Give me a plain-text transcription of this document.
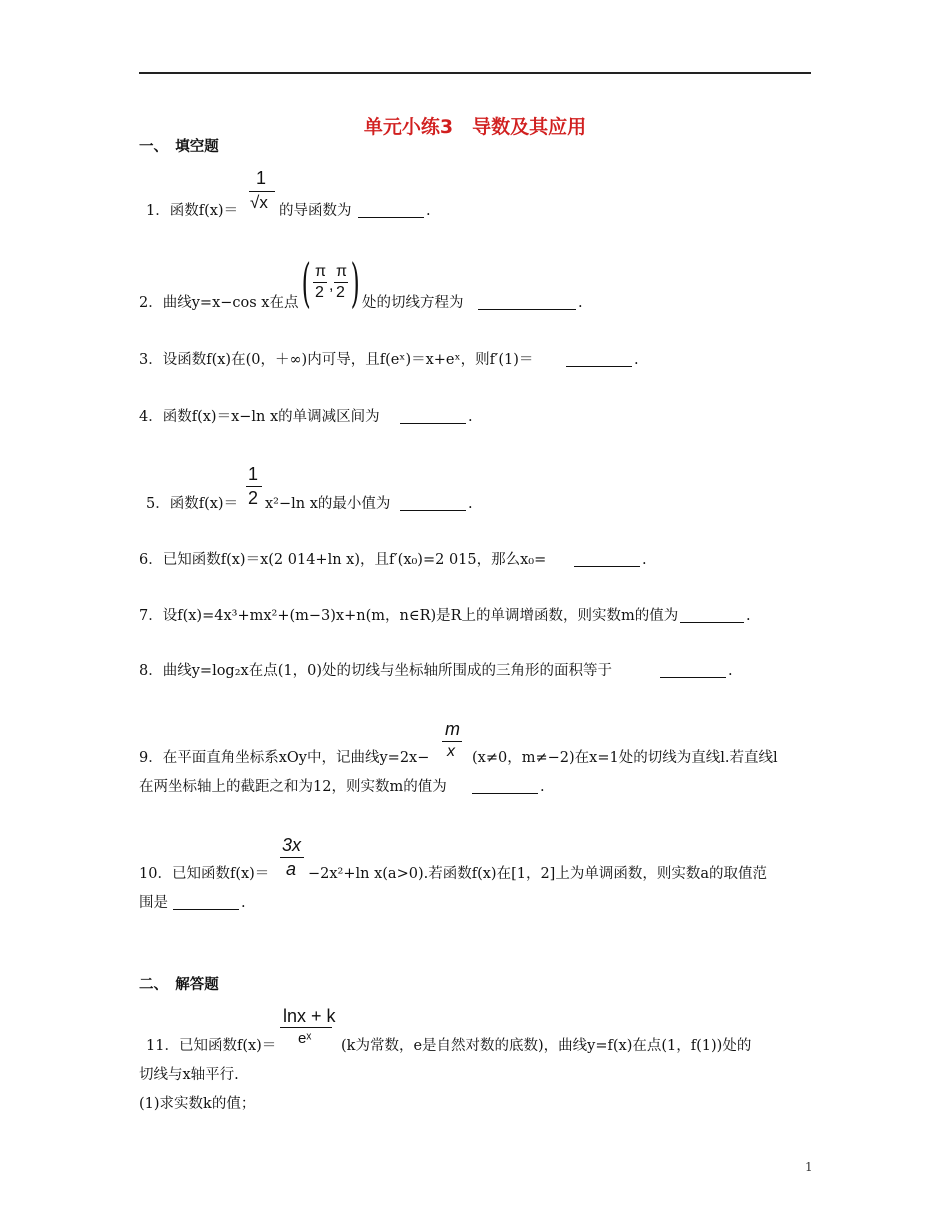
单元小练3　导数及其应用
一、　填空题
1
√x
1．函数f(x)＝	的导函数为	.
2．曲线y=x−cos x在点 ( π
2 ,
π
2 ) 处的切线方程为	.
3．设函数f(x)在(0，＋∞)内可导，且f(eˣ)＝x+eˣ，则f′(1)＝	.
4．函数f(x)＝x−ln x的单调减区间为	.
1
2
5．函数f(x)＝ x²−ln x的最小值为	.
6．已知函数f(x)＝x(2 014+ln x)，且f′(x₀)=2 015，那么x₀=	.
7．设f(x)=4x³+mx²+(m−3)x+n(m，n∈R)是R上的单调增函数，则实数m的值为	.
8．曲线y=log₂x在点(1，0)处的切线与坐标轴所围成的三角形的面积等于	.
m
x
9．在平面直角坐标系xOy中，记曲线y=2x−	(x≠0，m≠−2)在x=1处的切线为直线l.若直线l
在两坐标轴上的截距之和为12，则实数m的值为	.
3x
a
10．已知函数f(x)＝	−2x²+ln x(a>0).若函数f(x)在[1，2]上为单调函数，则实数a的取值范
围是	.
二、　解答题
lnx + k
eˣ
11．已知函数f(x)＝	(k为常数，e是自然对数的底数)，曲线y=f(x)在点(1，f(1))处的
切线与x轴平行.
(1)求实数k的值；
1
